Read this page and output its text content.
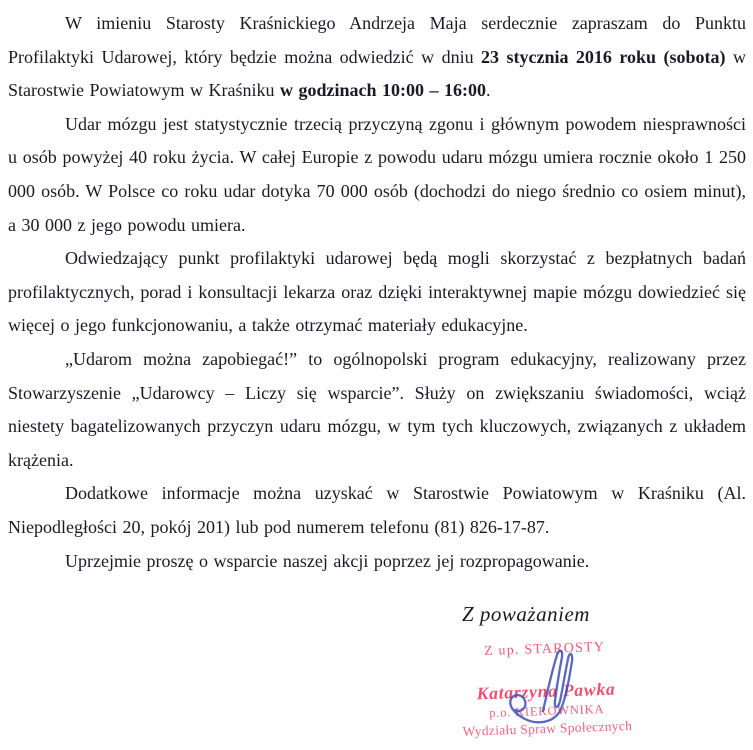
W imieniu Starosty Kraśnickiego Andrzeja Maja serdecznie zapraszam do Punktu Profilaktyki Udarowej, który będzie można odwiedzić w dniu 23 stycznia 2016 roku (sobota) w Starostwie Powiatowym w Kraśniku w godzinach 10:00 – 16:00.

Udar mózgu jest statystycznie trzecią przyczyną zgonu i głównym powodem niesprawności u osób powyżej 40 roku życia. W całej Europie z powodu udaru mózgu umiera rocznie około 1 250 000 osób. W Polsce co roku udar dotyka 70 000 osób (dochodzi do niego średnio co osiem minut), a 30 000 z jego powodu umiera.

Odwiedzający punkt profilaktyki udarowej będą mogli skorzystać z bezpłatnych badań profilaktycznych, porad i konsultacji lekarza oraz dzięki interaktywnej mapie mózgu dowiedzieć się więcej o jego funkcjonowaniu, a także otrzymać materiały edukacyjne.

„Udarom można zapobiegać!” to ogólnopolski program edukacyjny, realizowany przez Stowarzyszenie „Udarowcy – Liczy się wsparcie”. Służy on zwiększaniu świadomości, wciąż niestety bagatelizowanych przyczyn udaru mózgu, w tym tych kluczowych, związanych z układem krążenia.

Dodatkowe informacje można uzyskać w Starostwie Powiatowym w Kraśniku (Al. Niepodległości 20, pokój 201) lub pod numerem telefonu (81) 826-17-87.

Uprzejmie proszę o wsparcie naszej akcji poprzez jej rozpropagowanie.

Z poważaniem
Z up. STAROSTY
Katarzyna Pawka
p.o. KIEROWNIKA
Wydziału Spraw Społecznych
